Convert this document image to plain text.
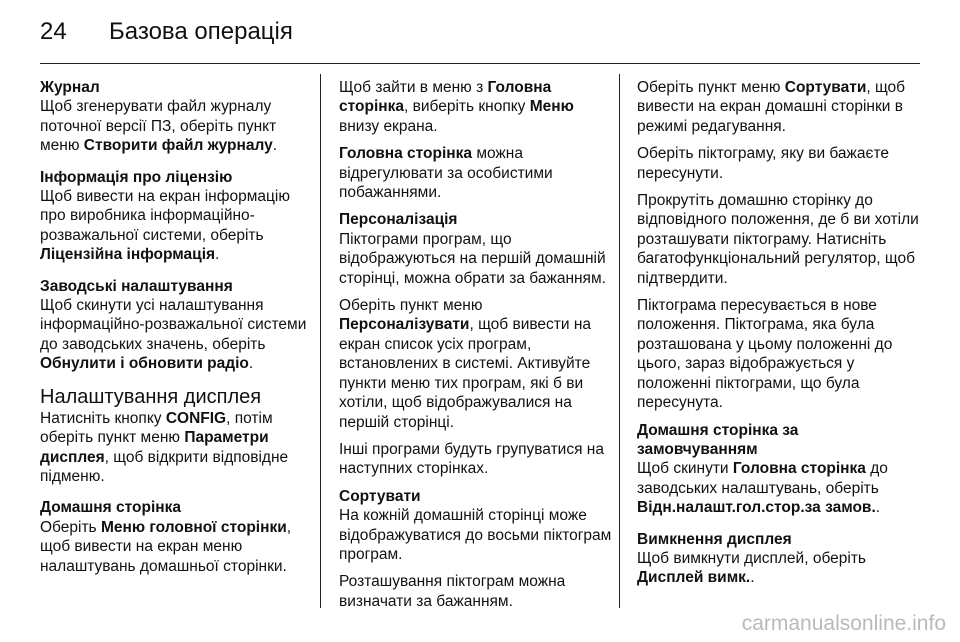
24 Базова операція
Журнал

Щоб згенерувати файл журналу поточної версії ПЗ, оберіть пункт меню Створити файл журналу.

Інформація про ліцензію

Щоб вивести на екран інформацію про виробника інформаційно-розважальної системи, оберіть Ліцензійна інформація.

Заводські налаштування

Щоб скинути усі налаштування інформаційно-розважальної системи до заводських значень, оберіть Обнулити і обновити радіо.

Налаштування дисплея

Натисніть кнопку CONFIG, потім оберіть пункт меню Параметри дисплея, щоб відкрити відповідне підменю.

Домашня сторінка

Оберіть Меню головної сторінки, щоб вивести на екран меню налаштувань домашньої сторінки.

Щоб зайти в меню з Головна сторінка, виберіть кнопку Меню внизу екрана.

Головна сторінка можна відрегулювати за особистими побажаннями.

Персоналізація

Піктограми програм, що відображуються на першій домашній сторінці, можна обрати за бажанням.

Оберіть пункт меню Персоналізувати, щоб вивести на екран список усіх програм, встановлених в системі. Активуйте пункти меню тих програм, які б ви хотіли, щоб відображувалися на першій сторінці.

Інші програми будуть групуватися на наступних сторінках.

Сортувати

На кожній домашній сторінці може відображуватися до восьми піктограм програм.

Розташування піктограм можна визначати за бажанням.

Оберіть пункт меню Сортувати, щоб вивести на екран домашні сторінки в режимі редагування.

Оберіть піктограму, яку ви бажаєте пересунути.

Прокрутіть домашню сторінку до відповідного положення, де б ви хотіли розташувати піктограму. Натисніть багатофункціональний регулятор, щоб підтвердити.

Піктограма пересувається в нове положення. Піктограма, яка була розташована у цьому положенні до цього, зараз відображується у положенні піктограми, що була пересунута.

Домашня сторінка за замовчуванням

Щоб скинути Головна сторінка до заводських налаштувань, оберіть Відн.налашт.гол.стор.за замов..

Вимкнення дисплея

Щоб вимкнути дисплей, оберіть Дисплей вимк..

carmanualsonline.info
